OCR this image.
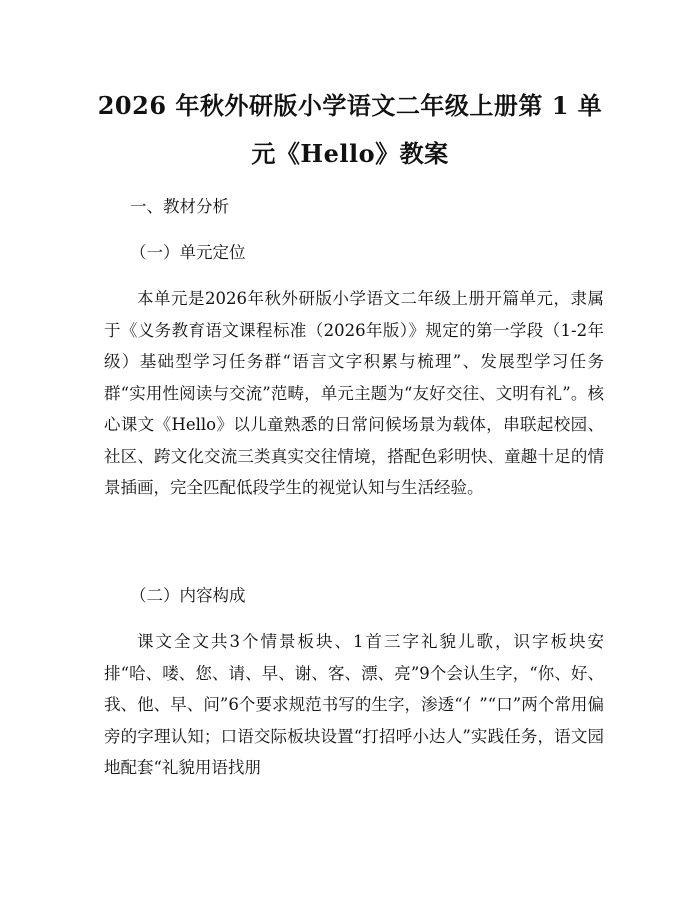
2026 年秋外研版小学语文二年级上册第 1 单
元《Hello》教案

一、教材分析

（一）单元定位

本单元是2026年秋外研版小学语文二年级上册开篇单元，隶属于《义务教育语文课程标准（2026年版）》规定的第一学段（1-2年级）基础型学习任务群“语言文字积累与梳理”、发展型学习任务群“实用性阅读与交流”范畴，单元主题为“友好交往、文明有礼”。核心课文《Hello》以儿童熟悉的日常问候场景为载体，串联起校园、社区、跨文化交流三类真实交往情境，搭配色彩明快、童趣十足的情景插画，完全匹配低段学生的视觉认知与生活经验。

（二）内容构成

课文全文共3个情景板块、1首三字礼貌儿歌，识字板块安排“哈、喽、您、请、早、谢、客、漂、亮”9个会认生字，“你、好、我、他、早、问”6个要求规范书写的生字，渗透“亻”“口”两个常用偏旁的字理认知；口语交际板块设置“打招呼小达人”实践任务，语文园地配套“礼貌用语找朋
